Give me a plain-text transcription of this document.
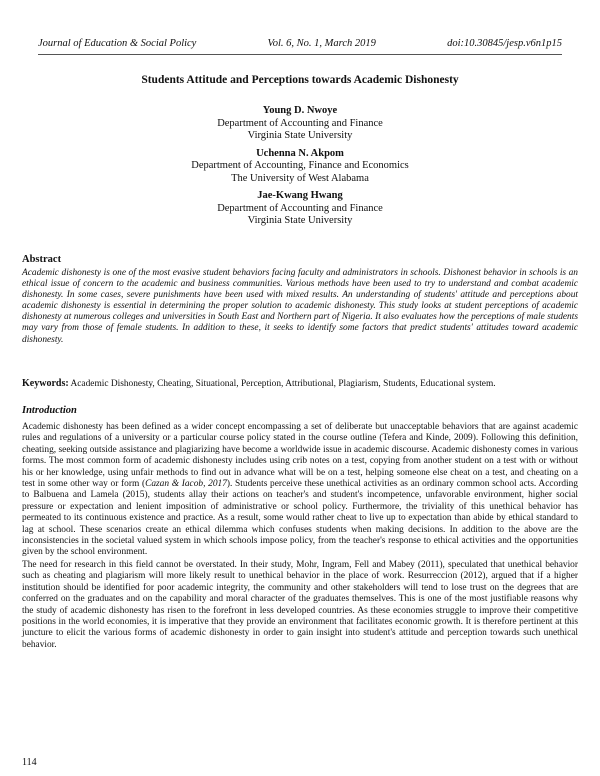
Journal of Education & Social Policy	Vol. 6, No. 1, March 2019	doi:10.30845/jesp.v6n1p15
Students Attitude and Perceptions towards Academic Dishonesty
Young D. Nwoye
Department of Accounting and Finance
Virginia State University
Uchenna N. Akpom
Department of Accounting, Finance and Economics
The University of West Alabama
Jae-Kwang Hwang
Department of Accounting and Finance
Virginia State University
Abstract
Academic dishonesty is one of the most evasive student behaviors facing faculty and administrators in schools. Dishonest behavior in schools is an ethical issue of concern to the academic and business communities. Various methods have been used to try to understand and combat academic dishonesty. In some cases, severe punishments have been used with mixed results. An understanding of students' attitude and perceptions about academic dishonesty is essential in determining the proper solution to academic dishonesty. This study looks at student perceptions of academic dishonesty at numerous colleges and universities in South East and Northern part of Nigeria. It also evaluates how the perceptions of male students may vary from those of female students. In addition to these, it seeks to identify some factors that predict students' attitudes toward academic dishonesty.
Keywords: Academic Dishonesty, Cheating, Situational, Perception, Attributional, Plagiarism, Students, Educational system.
Introduction
Academic dishonesty has been defined as a wider concept encompassing a set of deliberate but unacceptable behaviors that are against academic rules and regulations of a university or a particular course policy stated in the course outline (Tefera and Kinde, 2009). Following this definition, cheating, seeking outside assistance and plagiarizing have become a worldwide issue in academic discourse. Academic dishonesty comes in various forms. The most common form of academic dishonesty includes using crib notes on a test, copying from another student on a test with or without his or her knowledge, using unfair methods to find out in advance what will be on a test, helping someone else cheat on a test, and cheating on a test in some other way or form (Cazan & Iacob, 2017). Students perceive these unethical activities as an ordinary common school acts. According to Balbuena and Lamela (2015), students allay their actions on teacher's and student's incompetence, unfavorable environment, higher social pressure or expectation and lenient imposition of administrative or school policy. Furthermore, the triviality of this unethical behavior has permeated to its continuous existence and practice. As a result, some would rather cheat to live up to expectation than abide by ethical standard to lag at school. These scenarios create an ethical dilemma which confuses students when making decisions. In addition to the above are the inconsistencies in the societal valued system in which schools impose policy, from the teacher's response to ethical activities and the opportunities given by the school environment.
The need for research in this field cannot be overstated. In their study, Mohr, Ingram, Fell and Mabey (2011), speculated that unethical behavior such as cheating and plagiarism will more likely result to unethical behavior in the place of work. Resurreccion (2012), argued that if a higher institution should be identified for poor academic integrity, the community and other stakeholders will tend to lose trust on the degrees that are conferred on the graduates and on the capability and moral character of the graduates themselves. This is one of the most justifiable reasons why the study of academic dishonesty has risen to the forefront in less developed countries. As these economies struggle to improve their competitive positions in the world economies, it is imperative that they provide an environment that facilitates economic growth. It is therefore pertinent at this juncture to elicit the various forms of academic dishonesty in order to gain insight into student's attitude and perception towards such unethical behavior.
114
